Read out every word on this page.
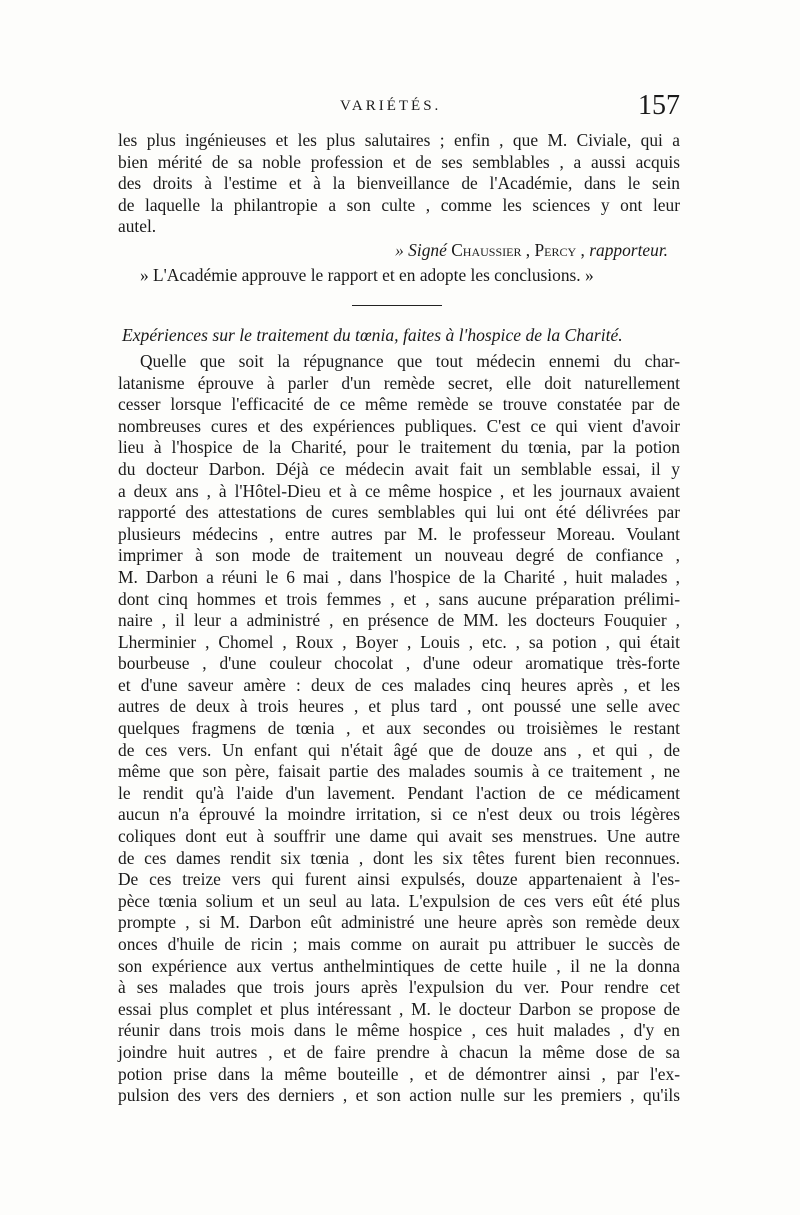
VARIÉTÉS.	157
les plus ingénieuses et les plus salutaires ; enfin , que M. Civiale, qui a
bien mérité de sa noble profession et de ses semblables , a aussi acquis
des droits à l'estime et à la bienveillance de l'Académie, dans le sein
de laquelle la philantropie a son culte , comme les sciences y ont leur
autel.
» Signé Chaussier , Percy , rapporteur.
» L'Académie approuve le rapport et en adopte les conclusions. »
Expériences sur le traitement du tœnia, faites à l'hospice de la Charité.
Quelle que soit la répugnance que tout médecin ennemi du char-
latanisme éprouve à parler d'un remède secret, elle doit naturellement
cesser lorsque l'efficacité de ce même remède se trouve constatée par de
nombreuses cures et des expériences publiques. C'est ce qui vient d'avoir
lieu à l'hospice de la Charité, pour le traitement du tœnia, par la potion
du docteur Darbon. Déjà ce médecin avait fait un semblable essai, il y
a deux ans , à l'Hôtel-Dieu et à ce même hospice , et les journaux avaient
rapporté des attestations de cures semblables qui lui ont été délivrées par
plusieurs médecins , entre autres par M. le professeur Moreau. Voulant
imprimer à son mode de traitement un nouveau degré de confiance ,
M. Darbon a réuni le 6 mai , dans l'hospice de la Charité , huit malades ,
dont cinq hommes et trois femmes , et , sans aucune préparation prélimi-
naire , il leur a administré , en présence de MM. les docteurs Fouquier ,
Lherminier , Chomel , Roux , Boyer , Louis , etc. , sa potion , qui était
bourbeuse , d'une couleur chocolat , d'une odeur aromatique très-forte
et d'une saveur amère : deux de ces malades cinq heures après , et les
autres de deux à trois heures , et plus tard , ont poussé une selle avec
quelques fragmens de tœnia , et aux secondes ou troisièmes le restant
de ces vers. Un enfant qui n'était âgé que de douze ans , et qui , de
même que son père, faisait partie des malades soumis à ce traitement , ne
le rendit qu'à l'aide d'un lavement. Pendant l'action de ce médicament
aucun n'a éprouvé la moindre irritation, si ce n'est deux ou trois légères
coliques dont eut à souffrir une dame qui avait ses menstrues. Une autre
de ces dames rendit six tœnia , dont les six têtes furent bien reconnues.
De ces treize vers qui furent ainsi expulsés, douze appartenaient à l'es-
pèce tœnia solium et un seul au lata. L'expulsion de ces vers eût été plus
prompte , si M. Darbon eût administré une heure après son remède deux
onces d'huile de ricin ; mais comme on aurait pu attribuer le succès de
son expérience aux vertus anthelmintiques de cette huile , il ne la donna
à ses malades que trois jours après l'expulsion du ver. Pour rendre cet
essai plus complet et plus intéressant , M. le docteur Darbon se propose de
réunir dans trois mois dans le même hospice , ces huit malades , d'y en
joindre huit autres , et de faire prendre à chacun la même dose de sa
potion prise dans la même bouteille , et de démontrer ainsi , par l'ex-
pulsion des vers des derniers , et son action nulle sur les premiers , qu'ils
